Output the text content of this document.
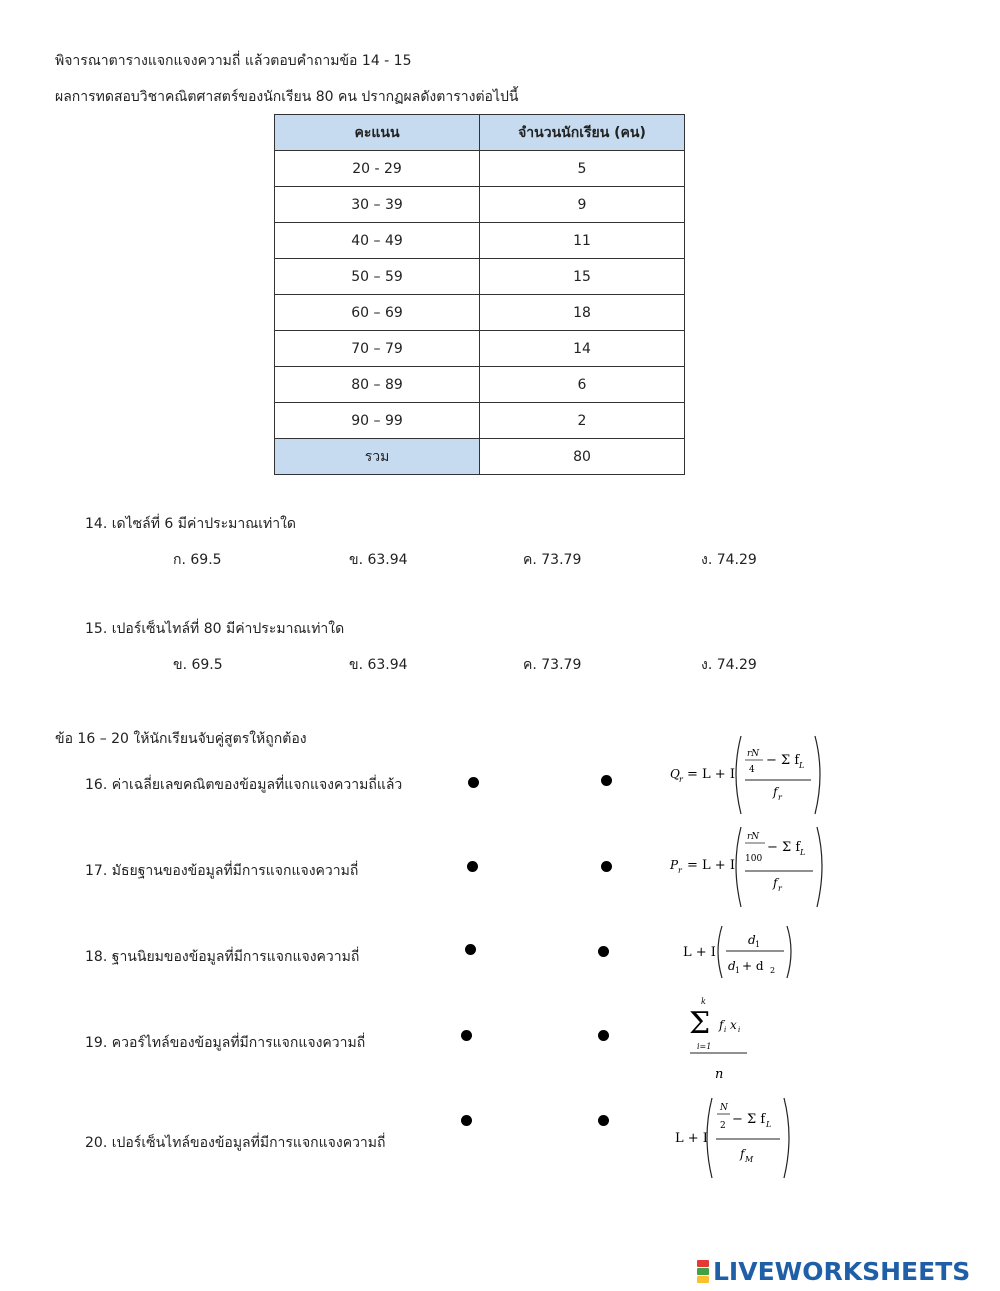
พิจารณาตารางแจกแจงความถี่ แล้วตอบคำถามข้อ 14 - 15
ผลการทดสอบวิชาคณิตศาสตร์ของนักเรียน 80 คน ปรากฏผลดังตารางต่อไปนี้
คะแนน	จำนวนนักเรียน (คน)
20 - 29	5
30 – 39	9
40 – 49	11
50 – 59	15
60 – 69	18
70 – 79	14
80 – 89	6
90 – 99	2
รวม	80
14. เดไซล์ที่ 6 มีค่าประมาณเท่าใด
ก. 69.5	ข. 63.94	ค. 73.79	ง. 74.29
15. เปอร์เซ็นไทล์ที่ 80 มีค่าประมาณเท่าใด
ข. 69.5	ข. 63.94	ค. 73.79	ง. 74.29
ข้อ 16 – 20 ให้นักเรียนจับคู่สูตรให้ถูกต้อง
16. ค่าเฉลี่ยเลขคณิตของข้อมูลที่แจกแจงความถี่แล้ว
17. มัธยฐานของข้อมูลที่มีการแจกแจงความถี่
18. ฐานนิยมของข้อมูลที่มีการแจกแจงความถี่
19. ควอร์ไทล์ของข้อมูลที่มีการแจกแจงความถี่
20. เปอร์เซ็นไทล์ของข้อมูลที่มีการแจกแจงความถี่
Q r = L + I
rN
4
− Σ f L
f r
P r = L + I
rN
100
− Σ f L
f r
L + I
d 1
d 1 + d 2
k
Σ
i=1
f i x i
n
L + I
N
2 − Σ f L
f M
LIVEWORKSHEETS
